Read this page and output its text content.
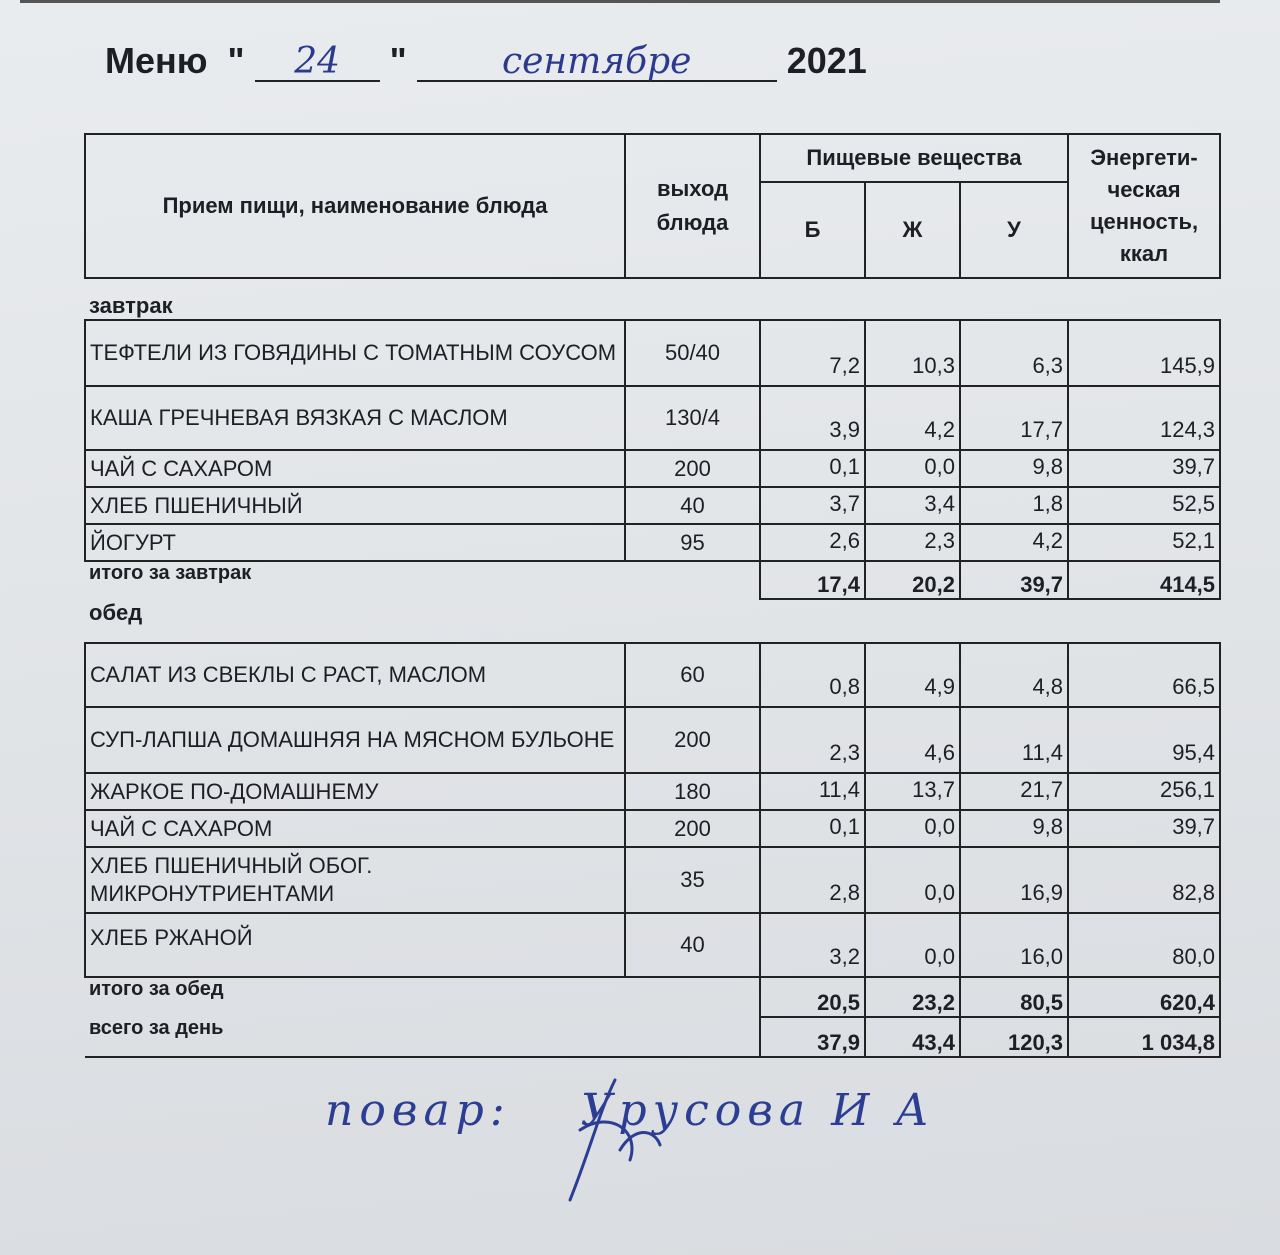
Меню " 24 "	сентябре	2021
Прием пищи, наименование блюда	выход блюда	Пищевые вещества			Энергети-ческая ценность, ккал
		Б	Ж	У	
завтрак					
ТЕФТЕЛИ ИЗ ГОВЯДИНЫ С ТОМАТНЫМ СОУСОМ	50/40	7,2	10,3	6,3	145,9
КАША ГРЕЧНЕВАЯ ВЯЗКАЯ С МАСЛОМ	130/4	3,9	4,2	17,7	124,3
ЧАЙ С САХАРОМ	200	0,1	0,0	9,8	39,7
ХЛЕБ ПШЕНИЧНЫЙ	40	3,7	3,4	1,8	52,5
ЙОГУРТ	95	2,6	2,3	4,2	52,1
итого за завтрак		17,4	20,2	39,7	414,5
обед					
САЛАТ ИЗ СВЕКЛЫ С РАСТ, МАСЛОМ	60	0,8	4,9	4,8	66,5
СУП-ЛАПША ДОМАШНЯЯ НА МЯСНОМ БУЛЬОНЕ	200	2,3	4,6	11,4	95,4
ЖАРКОЕ ПО-ДОМАШНЕМУ	180	11,4	13,7	21,7	256,1
ЧАЙ С САХАРОМ	200	0,1	0,0	9,8	39,7
ХЛЕБ ПШЕНИЧНЫЙ ОБОГ. МИКРОНУТРИЕНТАМИ	35	2,8	0,0	16,9	82,8
ХЛЕБ РЖАНОЙ	40	3,2	0,0	16,0	80,0
итого за обед		20,5	23,2	80,5	620,4
всего за день		37,9	43,4	120,3	1 034,8
повар: Урусова И А
